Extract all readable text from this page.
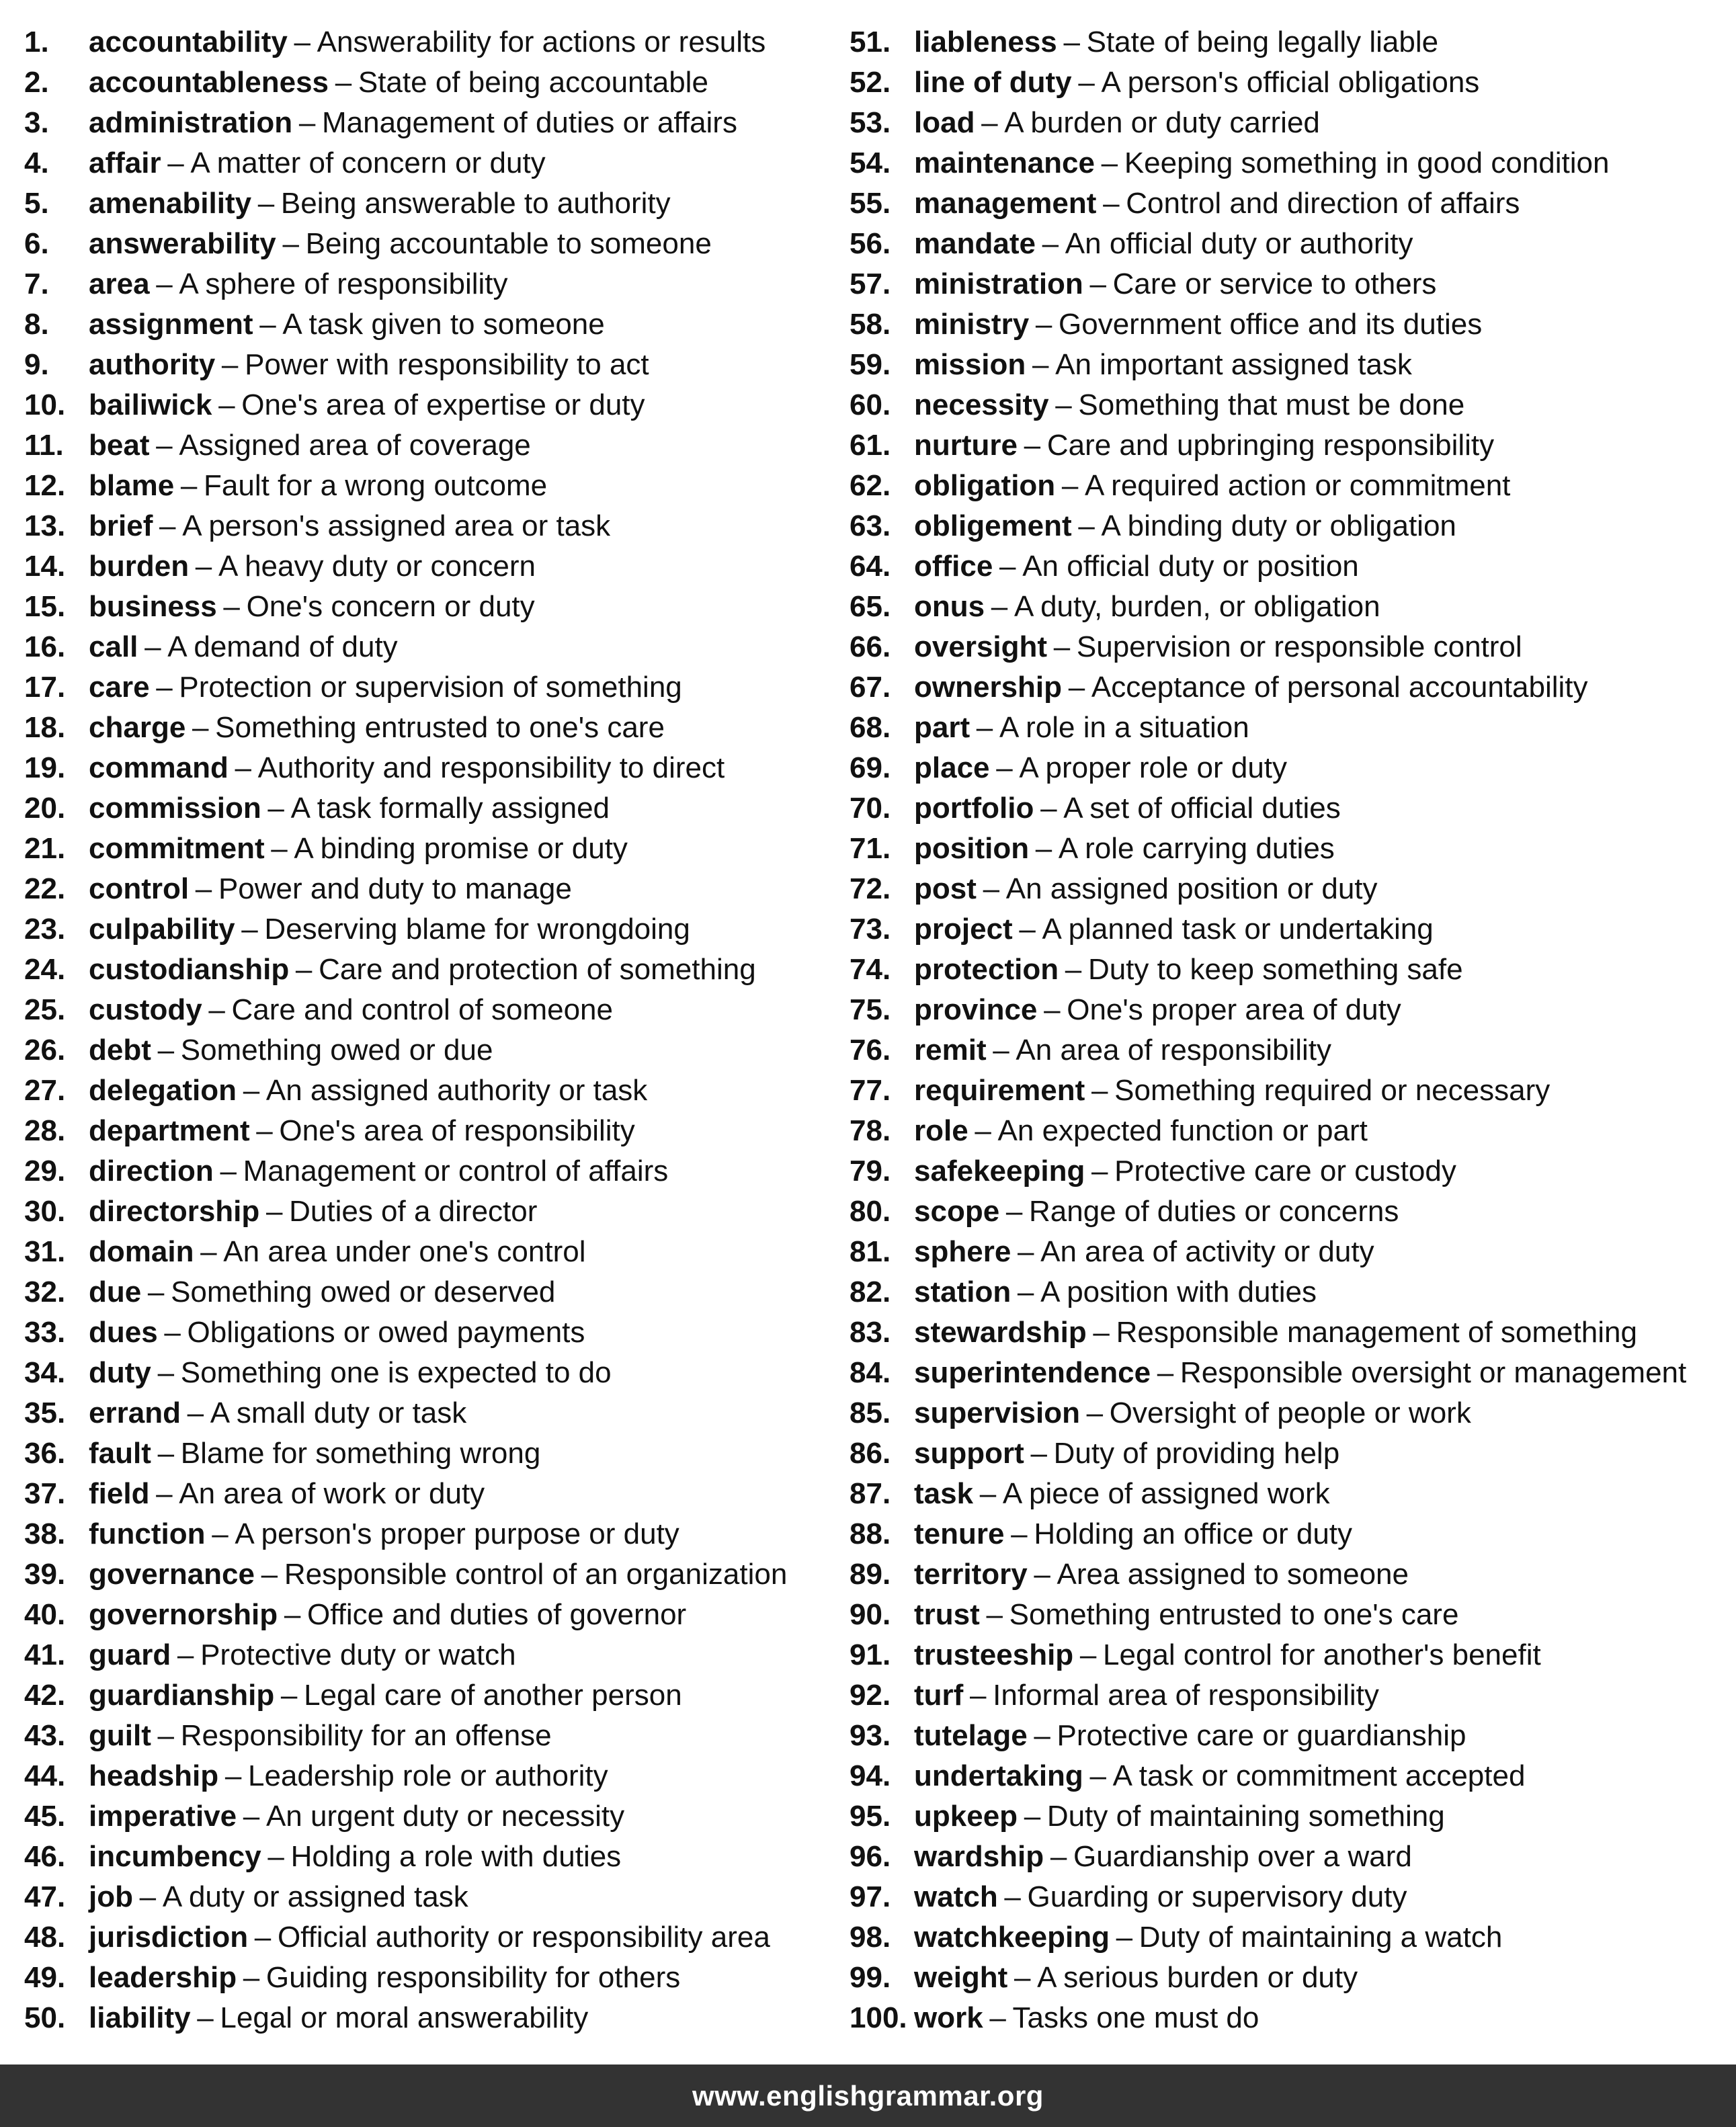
1.	accountability – Answerability for actions or results
2.	accountableness – State of being accountable
3.	administration – Management of duties or affairs
4.	affair – A matter of concern or duty
5.	amenability – Being answerable to authority
6.	answerability – Being accountable to someone
7.	area – A sphere of responsibility
8.	assignment – A task given to someone
9.	authority – Power with responsibility to act
10. bailiwick – One's area of expertise or duty
11. beat – Assigned area of coverage
12. blame – Fault for a wrong outcome
13. brief – A person's assigned area or task
14. burden – A heavy duty or concern
15. business – One's concern or duty
16. call – A demand of duty
17. care – Protection or supervision of something
18. charge – Something entrusted to one's care
19. command – Authority and responsibility to direct
20. commission – A task formally assigned
21. commitment – A binding promise or duty
22. control – Power and duty to manage
23. culpability – Deserving blame for wrongdoing
24. custodianship – Care and protection of something
25. custody – Care and control of someone
26. debt – Something owed or due
27. delegation – An assigned authority or task
28. department – One's area of responsibility
29. direction – Management or control of affairs
30. directorship – Duties of a director
31. domain – An area under one's control
32. due – Something owed or deserved
33. dues – Obligations or owed payments
34. duty – Something one is expected to do
35. errand – A small duty or task
36. fault – Blame for something wrong
37. field – An area of work or duty
38. function – A person's proper purpose or duty
39. governance – Responsible control of an organization
40. governorship – Office and duties of governor
41. guard – Protective duty or watch
42. guardianship – Legal care of another person
43. guilt – Responsibility for an offense
44. headship – Leadership role or authority
45. imperative – An urgent duty or necessity
46. incumbency – Holding a role with duties
47. job – A duty or assigned task
48. jurisdiction – Official authority or responsibility area
49. leadership – Guiding responsibility for others
50. liability – Legal or moral answerability
51. liableness – State of being legally liable
52. line of duty – A person's official obligations
53. load – A burden or duty carried
54. maintenance – Keeping something in good condition
55. management – Control and direction of affairs
56. mandate – An official duty or authority
57. ministration – Care or service to others
58. ministry – Government office and its duties
59. mission – An important assigned task
60. necessity – Something that must be done
61. nurture – Care and upbringing responsibility
62. obligation – A required action or commitment
63. obligement – A binding duty or obligation
64. office – An official duty or position
65. onus – A duty, burden, or obligation
66. oversight – Supervision or responsible control
67. ownership – Acceptance of personal accountability
68. part – A role in a situation
69. place – A proper role or duty
70. portfolio – A set of official duties
71. position – A role carrying duties
72. post – An assigned position or duty
73. project – A planned task or undertaking
74. protection – Duty to keep something safe
75. province – One's proper area of duty
76. remit – An area of responsibility
77. requirement – Something required or necessary
78. role – An expected function or part
79. safekeeping – Protective care or custody
80. scope – Range of duties or concerns
81. sphere – An area of activity or duty
82. station – A position with duties
83. stewardship – Responsible management of something
84. superintendence – Responsible oversight or management
85. supervision – Oversight of people or work
86. support – Duty of providing help
87. task – A piece of assigned work
88. tenure – Holding an office or duty
89. territory – Area assigned to someone
90. trust – Something entrusted to one's care
91. trusteeship – Legal control for another's benefit
92. turf – Informal area of responsibility
93. tutelage – Protective care or guardianship
94. undertaking – A task or commitment accepted
95. upkeep – Duty of maintaining something
96. wardship – Guardianship over a ward
97. watch – Guarding or supervisory duty
98. watchkeeping – Duty of maintaining a watch
99. weight – A serious burden or duty
100. work – Tasks one must do
www.englishgrammar.org
